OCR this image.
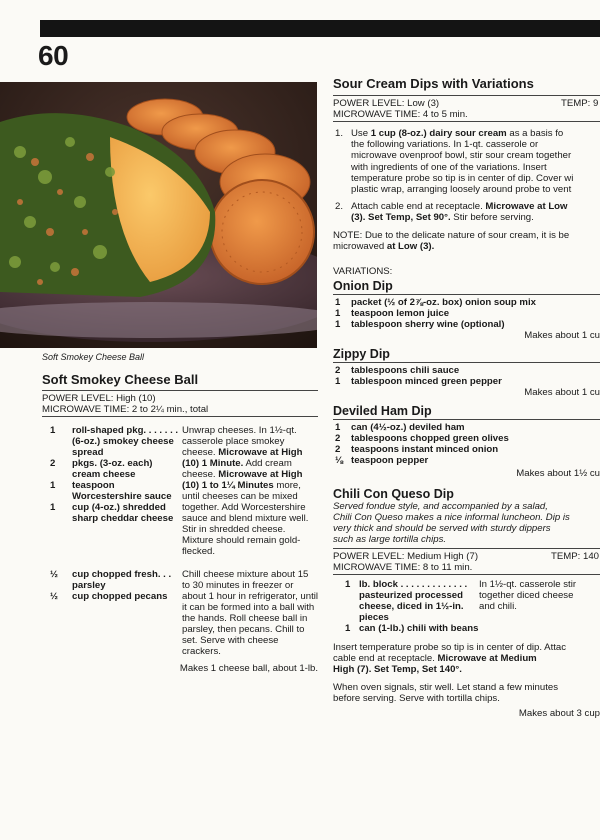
60
Soft Smokey Cheese Ball
Soft Smokey Cheese Ball
POWER LEVEL: High (10)
MICROWAVE TIME: 2 to 2¼ min., total
1	roll-shaped pkg. . . . . . . (6-oz.) smokey cheese spread
2	pkgs. (3-oz. each) cream cheese
1	teaspoon Worcestershire sauce
1	cup (4-oz.) shredded sharp cheddar cheese
Unwrap cheeses. In 1½-qt. casserole place smokey cheese. Microwave at High (10) 1 Minute. Add cream cheese. Microwave at High (10) 1 to 1¼ Minutes more, until cheeses can be mixed together. Add Worcestershire sauce and blend mixture well. Stir in shredded cheese. Mixture should remain gold-flecked.
½	cup chopped fresh. . . parsley
½	cup chopped pecans
Chill cheese mixture about 15 to 30 minutes in freezer or about 1 hour in refrigerator, until it can be formed into a ball with the hands. Roll cheese ball in parsley, then pecans. Chill to set. Serve with cheese crackers.
Makes 1 cheese ball, about 1-lb.
Sour Cream Dips with Variations
POWER LEVEL: Low (3)	TEMP: 9
MICROWAVE TIME: 4 to 5 min.
1. Use 1 cup (8-oz.) dairy sour cream as a basis fo
the following variations. In 1-qt. casserole or
microwave ovenproof bowl, stir sour cream together
with ingredients of one of the variations. Insert
temperature probe so tip is in center of dip. Cover wi
plastic wrap, arranging loosely around probe to vent
2. Attach cable end at receptacle. Microwave at Low
(3). Set Temp, Set 90°. Stir before serving.
NOTE: Due to the delicate nature of sour cream, it is be
microwaved at Low (3).
VARIATIONS:
Onion Dip
1	packet (½ of 2⅞-oz. box) onion soup mix
1	teaspoon lemon juice
1	tablespoon sherry wine (optional)
Makes about 1 cu
Zippy Dip
2	tablespoons chili sauce
1	tablespoon minced green pepper
Makes about 1 cu
Deviled Ham Dip
1	can (4½-oz.) deviled ham
2	tablespoons chopped green olives
2	teaspoons instant minced onion
⅛ teaspoon pepper
Makes about 1½ cu
Chili Con Queso Dip
Served fondue style, and accompanied by a salad,
Chili Con Queso makes a nice informal luncheon. Dip is
very thick and should be served with sturdy dippers
such as large tortilla chips.
POWER LEVEL: Medium High (7)	TEMP: 140
MICROWAVE TIME: 8 to 11 min.
1 lb. block . . . . . . . . . . . . . pasteurized processed cheese, diced in 1½-in. pieces
1 can (1-lb.) chili with beans
In 1½-qt. casserole stir
together diced cheese
and chili.
Insert temperature probe so tip is in center of dip. Attac
cable end at receptacle. Microwave at Medium
High (7). Set Temp, Set 140°.
When oven signals, stir well. Let stand a few minutes
before serving. Serve with tortilla chips.
Makes about 3 cup
